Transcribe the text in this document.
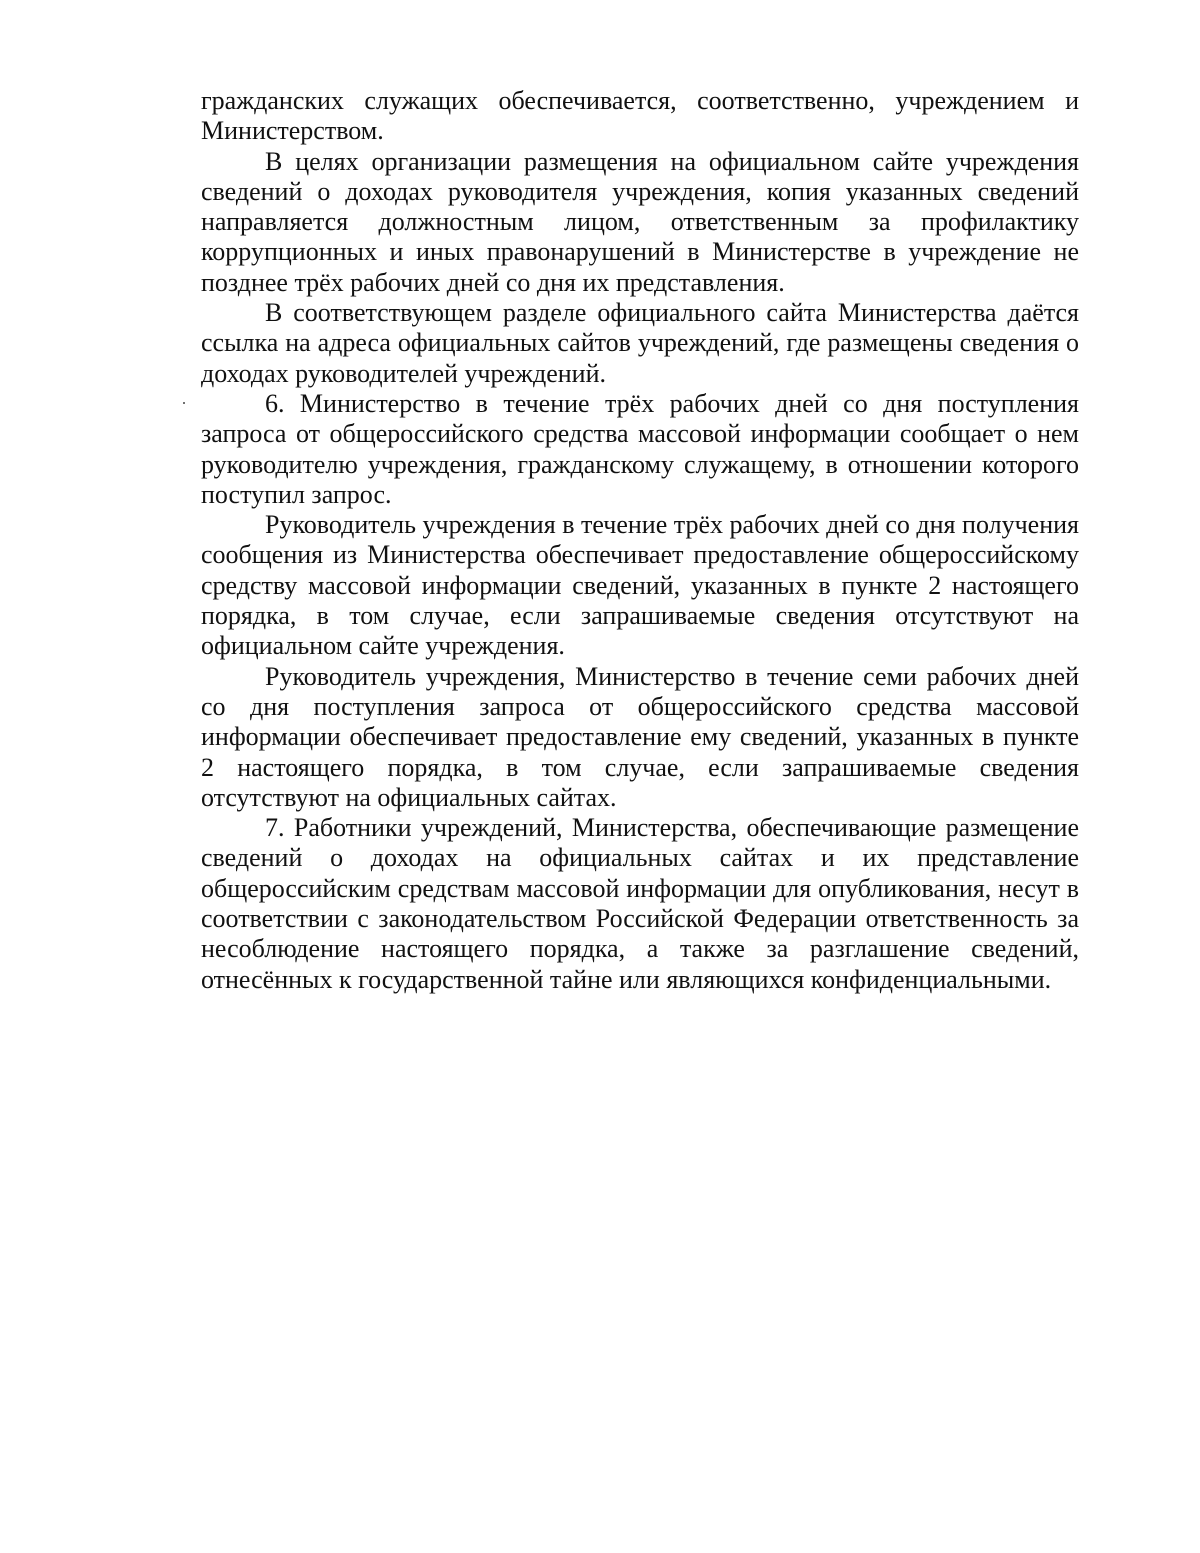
гражданских служащих обеспечивается, соответственно, учреждением и Министерством.

В целях организации размещения на официальном сайте учреждения сведений о доходах руководителя учреждения, копия указанных сведений направляется должностным лицом, ответственным за профилактику коррупционных и иных правонарушений в Министерстве в учреждение не позднее трёх рабочих дней со дня их представления.

В соответствующем разделе официального сайта Министерства даётся ссылка на адреса официальных сайтов учреждений, где размещены сведения о доходах руководителей учреждений.

6. Министерство в течение трёх рабочих дней со дня поступления запроса от общероссийского средства массовой информации сообщает о нем руководителю учреждения, гражданскому служащему, в отношении которого поступил запрос.

Руководитель учреждения в течение трёх рабочих дней со дня получения сообщения из Министерства обеспечивает предоставление общероссийскому средству массовой информации сведений, указанных в пункте 2 настоящего порядка, в том случае, если запрашиваемые сведения отсутствуют на официальном сайте учреждения.

Руководитель учреждения, Министерство в течение семи рабочих дней со дня поступления запроса от общероссийского средства массовой информации обеспечивает предоставление ему сведений, указанных в пункте 2 настоящего порядка, в том случае, если запрашиваемые сведения отсутствуют на официальных сайтах.

7. Работники учреждений, Министерства, обеспечивающие размещение сведений о доходах на официальных сайтах и их представление общероссийским средствам массовой информации для опубликования, несут в соответствии с законодательством Российской Федерации ответственность за несоблюдение настоящего порядка, а также за разглашение сведений, отнесённых к государственной тайне или являющихся конфиденциальными.
